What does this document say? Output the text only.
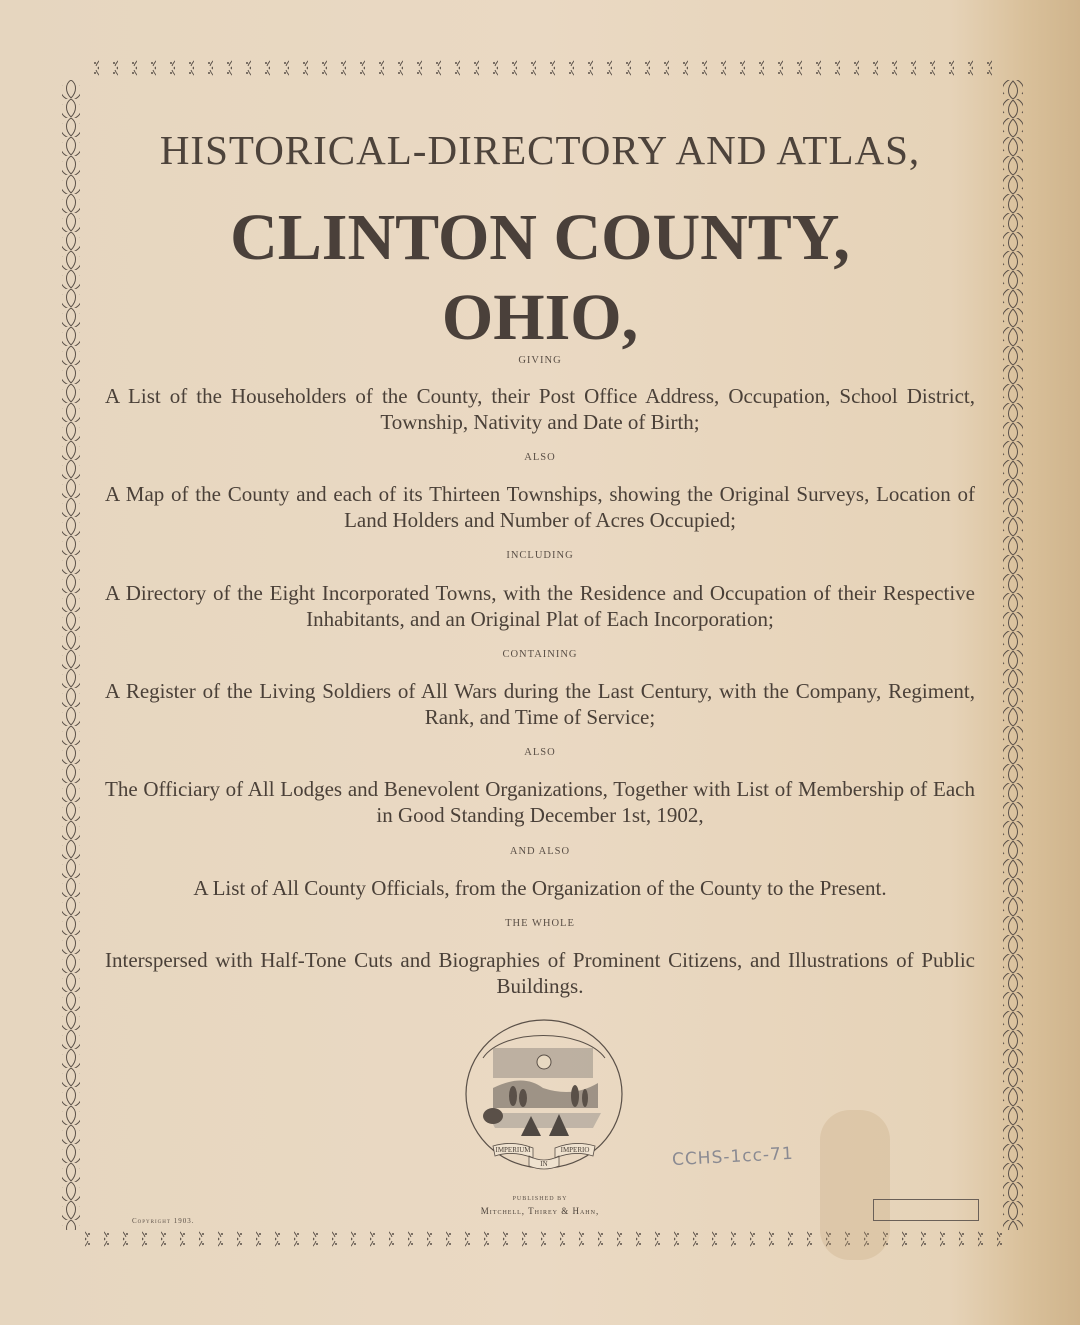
HISTORICAL-DIRECTORY AND ATLAS,
CLINTON COUNTY,
OHIO,
GIVING
A List of the Householders of the County, their Post Office Address, Occupation, School District, Township, Nativity and Date of Birth;
ALSO
A Map of the County and each of its Thirteen Townships, showing the Original Surveys, Location of Land Holders and Number of Acres Occupied;
INCLUDING
A Directory of the Eight Incorporated Towns, with the Residence and Occupation of their Respective Inhabitants, and an Original Plat of Each Incorporation;
CONTAINING
A Register of the Living Soldiers of All Wars during the Last Century, with the Company, Regiment, Rank, and Time of Service;
ALSO
The Officiary of All Lodges and Benevolent Organizations, Together with List of Membership of Each in Good Standing December 1st, 1902,
AND ALSO
A List of All County Officials, from the Organization of the County to the Present.
THE WHOLE
Interspersed with Half-Tone Cuts and Biographies of Prominent Citizens, and Illustrations of Public Buildings.
IMPERIUM
IN
IMPERIO	CCHS-1cc-71
PUBLISHED BY
Mitchell, Thirey & Hahn,
Copyright 1903.
